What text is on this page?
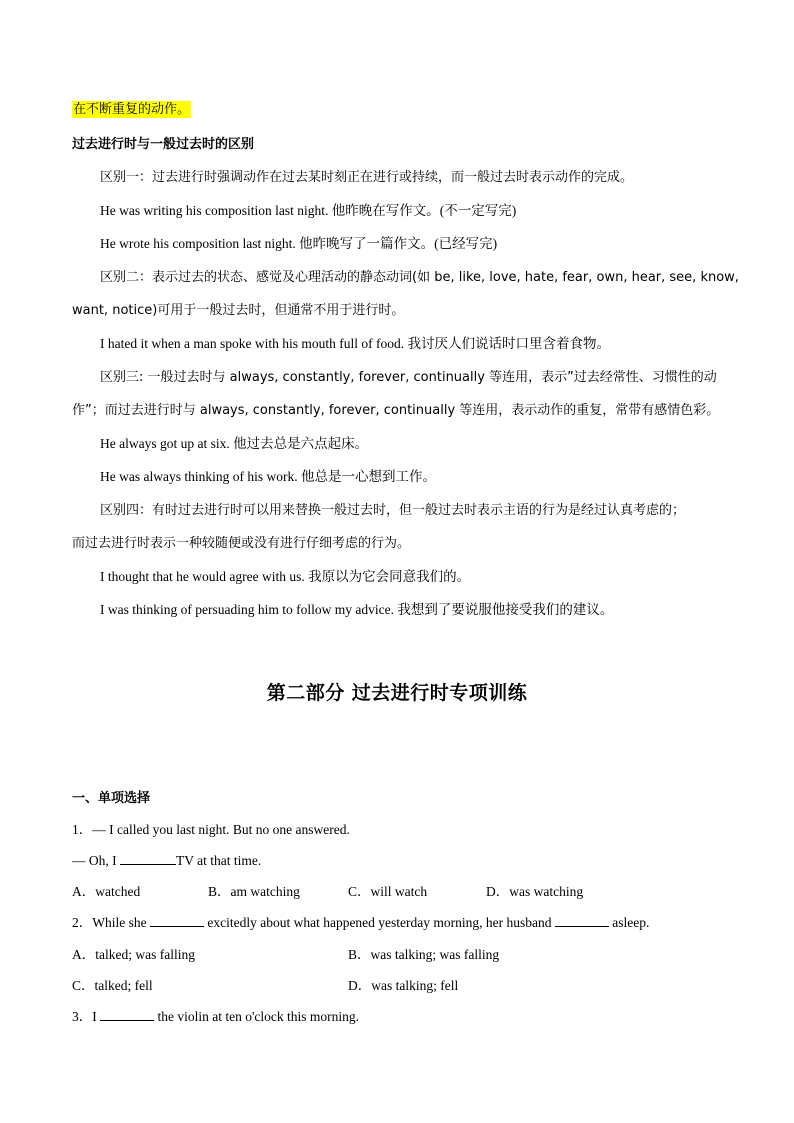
在不断重复的动作。
过去进行时与一般过去时的区别
区别一：过去进行时强调动作在过去某时刻正在进行或持续，而一般过去时表示动作的完成。
He was writing his composition last night. 他昨晚在写作文。(不一定写完)
He wrote his composition last night. 他昨晚写了一篇作文。(已经写完)
区别二：表示过去的状态、感觉及心理活动的静态动词(如 be, like, love, hate, fear, own, hear, see, know,
want, notice)可用于一般过去时，但通常不用于进行时。
I hated it when a man spoke with his mouth full of food. 我讨厌人们说话时口里含着食物。
区别三: 一般过去时与 always, constantly, forever, continually 等连用，表示”过去经常性、习惯性的动
作”；而过去进行时与 always, constantly, forever, continually 等连用，表示动作的重复，常带有感情色彩。
He always got up at six. 他过去总是六点起床。
He was always thinking of his work. 他总是一心想到工作。
区别四：有时过去进行时可以用来替换一般过去时，但一般过去时表示主语的行为是经过认真考虑的；
而过去进行时表示一种较随便或没有进行仔细考虑的行为。
I thought that he would agree with us. 我原以为它会同意我们的。
I was thinking of persuading him to follow my advice. 我想到了要说服他接受我们的建议。
第二部分 过去进行时专项训练
一、单项选择
1．— I called you last night. But no one answered.
— Oh, I	TV at that time.
A．watched	B．am watching	C．will watch	D．was watching
2．While she	excitedly about what happened yesterday morning, her husband	asleep.
A．talked; was falling	B．was talking; was falling
C．talked; fell	D．was talking; fell
3．I	the violin at ten o'clock this morning.
